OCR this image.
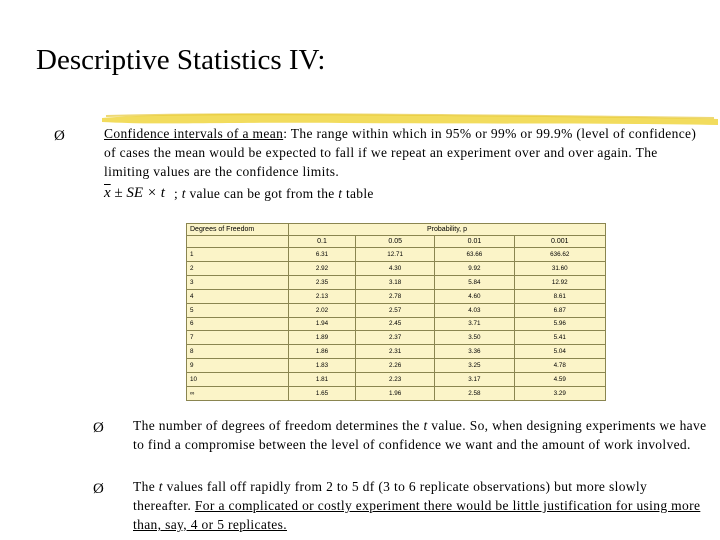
Descriptive Statistics IV:
Ø	Confidence intervals of a mean: The range within which in 95% or 99% or 99.9% (level of confidence) of cases the mean would be expected to fall if we repeat an experiment over and over again. The limiting values are the confidence limits.
$\overline{x}$ ± SE × t ; t value can be got from the t table
Degrees of Freedom	Probability, p			
	0.1	0.05	0.01	0.001
1	6.31	12.71	63.66	636.62
2	2.92	4.30	9.92	31.60
3	2.35	3.18	5.84	12.92
4	2.13	2.78	4.60	8.61
5	2.02	2.57	4.03	6.87
6	1.94	2.45	3.71	5.96
7	1.89	2.37	3.50	5.41
8	1.86	2.31	3.36	5.04
9	1.83	2.26	3.25	4.78
10	1.81	2.23	3.17	4.59
∞	1.65	1.96	2.58	3.29
Ø The number of degrees of freedom determines the t value. So, when designing experiments we have to find a compromise between the level of confidence we want and the amount of work involved.
Ø The t values fall off rapidly from 2 to 5 df (3 to 6 replicate observations) but more slowly thereafter. For a complicated or costly experiment there would be little justification for using more than, say, 4 or 5 replicates.
